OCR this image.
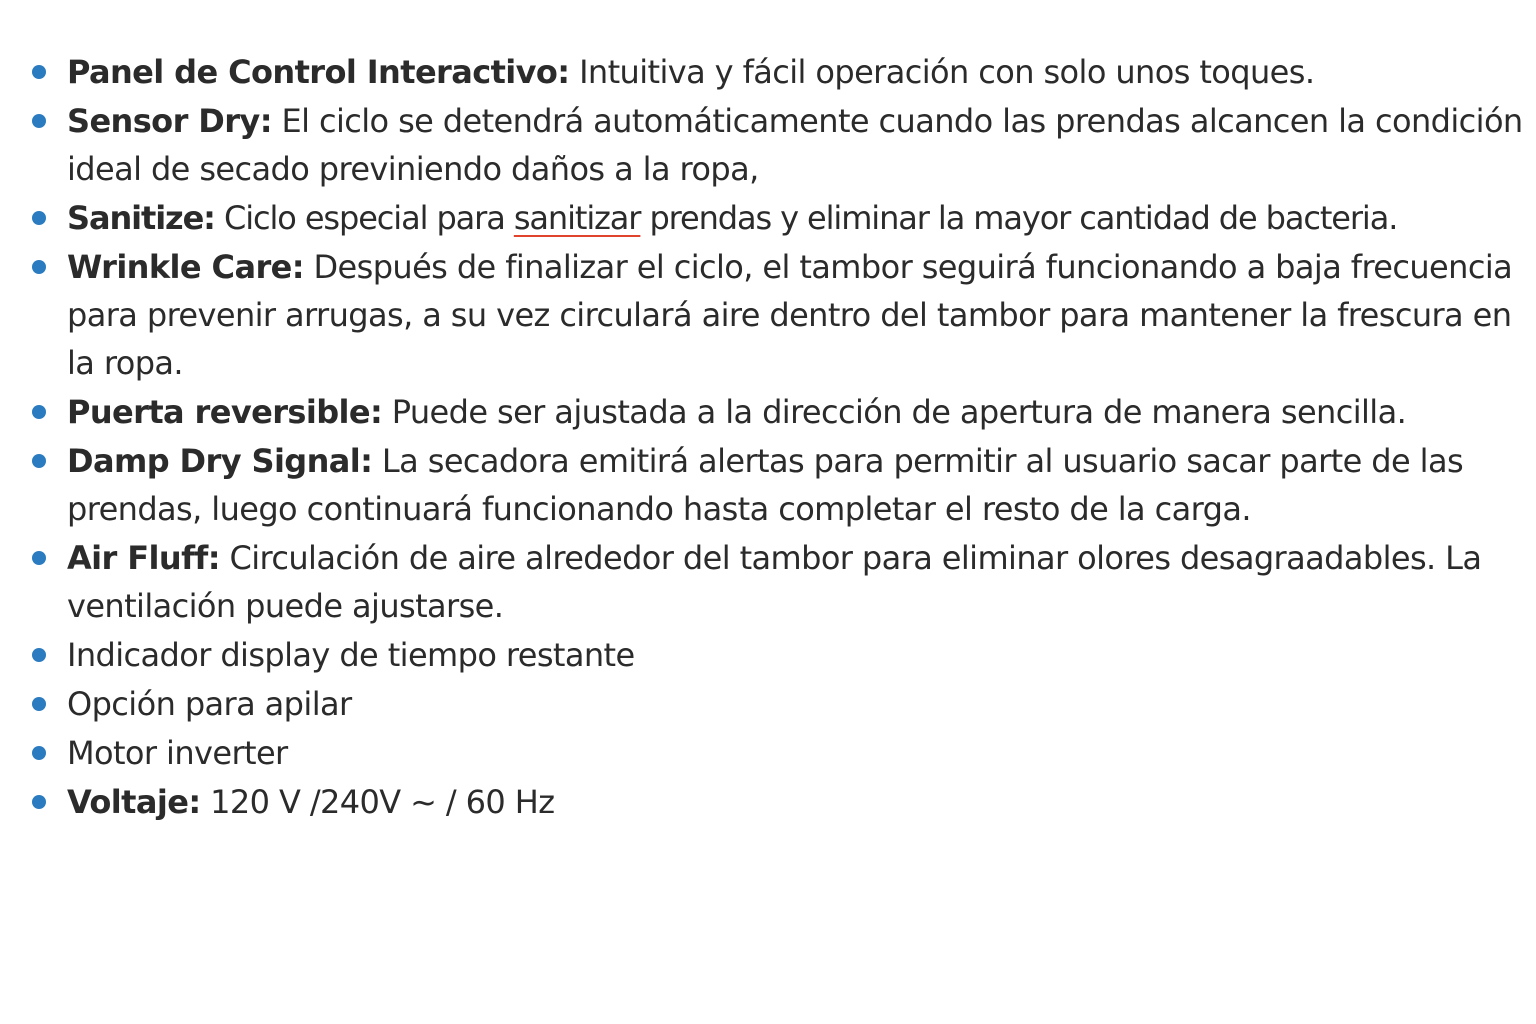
Panel de Control Interactivo: Intuitiva y fácil operación con solo unos toques.
Sensor Dry: El ciclo se detendrá automáticamente cuando las prendas alcancen la condición ideal de secado previniendo daños a la ropa,
Sanitize: Ciclo especial para sanitizar prendas y eliminar la mayor cantidad de bacteria.
Wrinkle Care: Después de finalizar el ciclo, el tambor seguirá funcionando a baja frecuencia para prevenir arrugas, a su vez circulará aire dentro del tambor para mantener la frescura en la ropa.
Puerta reversible: Puede ser ajustada a la dirección de apertura de manera sencilla.
Damp Dry Signal: La secadora emitirá alertas para permitir al usuario sacar parte de las prendas, luego continuará funcionando hasta completar el resto de la carga.
Air Fluff: Circulación de aire alrededor del tambor para eliminar olores desagraadables. La ventilación puede ajustarse.
Indicador display de tiempo restante
Opción para apilar
Motor inverter
Voltaje: 120 V /240V ~ / 60 Hz
